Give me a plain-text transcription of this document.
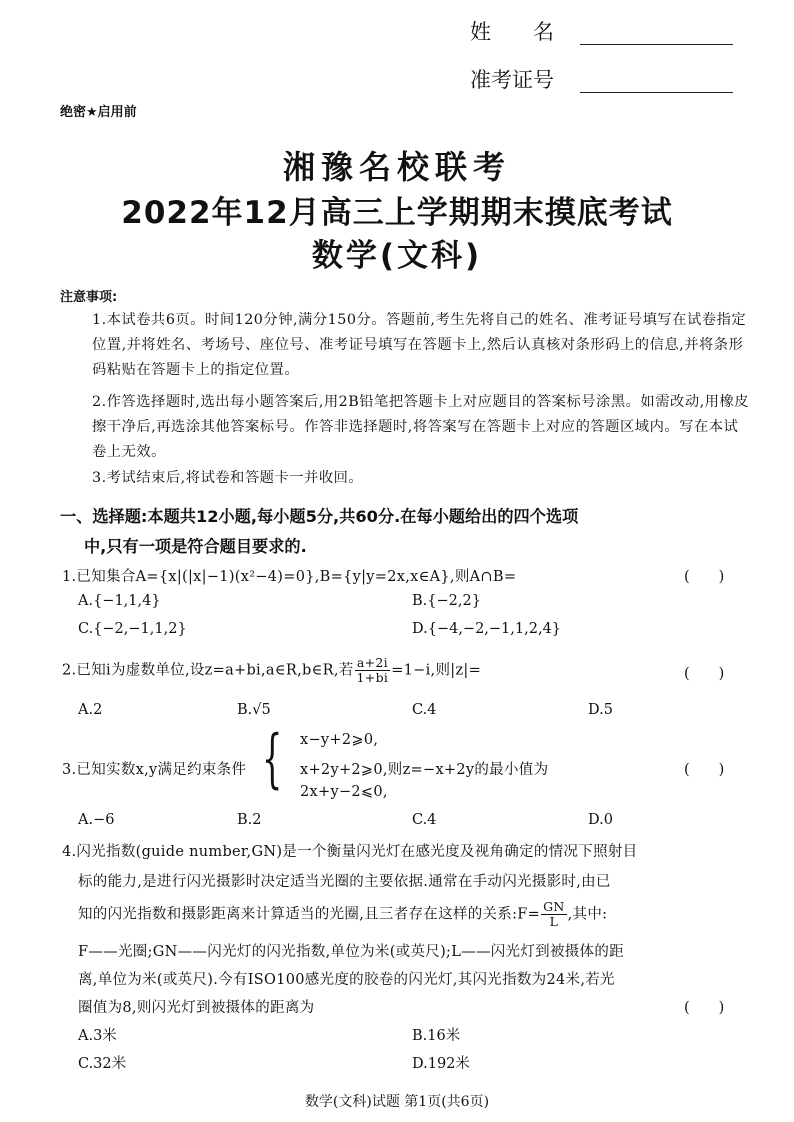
姓　　名
准考证号
绝密★启用前
湘豫名校联考
2022年12月高三上学期期末摸底考试
数学(文科)
注意事项:
1.本试卷共6页。时间120分钟,满分150分。答题前,考生先将自己的姓名、准考证号填写在试卷指定位置,并将姓名、考场号、座位号、准考证号填写在答题卡上,然后认真核对条形码上的信息,并将条形码粘贴在答题卡上的指定位置。
2.作答选择题时,选出每小题答案后,用2B铅笔把答题卡上对应题目的答案标号涂黑。如需改动,用橡皮擦干净后,再选涂其他答案标号。作答非选择题时,将答案写在答题卡上对应的答题区域内。写在本试卷上无效。
3.考试结束后,将试卷和答题卡一并收回。
一、选择题:本题共12小题,每小题5分,共60分.在每小题给出的四个选项
中,只有一项是符合题目要求的.
1.已知集合A={x|(|x|−1)(x²−4)=0},B={y|y=2x,x∈A},则A∩B=	(　　)
A.{−1,1,4}	B.{−2,2}
C.{−2,−1,1,2}	D.{−4,−2,−1,1,2,4}
2.已知i为虚数单位,设z=a+bi,a∈R,b∈R,若 $\frac{a+2i}{1+bi} =1-i$,则|z|=	(　　)
A.2	B.√5	C.4	D.5
3.已知实数x,y满足约束条件 { x−y+2⩾0,
x+2y+2⩾0,则z=−x+2y的最小值为
2x+y−2⩽0,
(　　)
A.−6	B.2	C.4	D.0
4.闪光指数(guide number,GN)是一个衡量闪光灯在感光度及视角确定的情况下照射目
标的能力,是进行闪光摄影时决定适当光圈的主要依据.通常在手动闪光摄影时,由已
知的闪光指数和摄影距离来计算适当的光圈,且三者存在这样的关系:F= $\frac{GN}{L}$ ,其中:
F——光圈;GN——闪光灯的闪光指数,单位为米(或英尺);L——闪光灯到被摄体的距
离,单位为米(或英尺).今有ISO100感光度的胶卷的闪光灯,其闪光指数为24米,若光
圈值为8,则闪光灯到被摄体的距离为	(　　)
A.3米	B.16米
C.32米	D.192米
数学(文科)试题 第1页(共6页)
